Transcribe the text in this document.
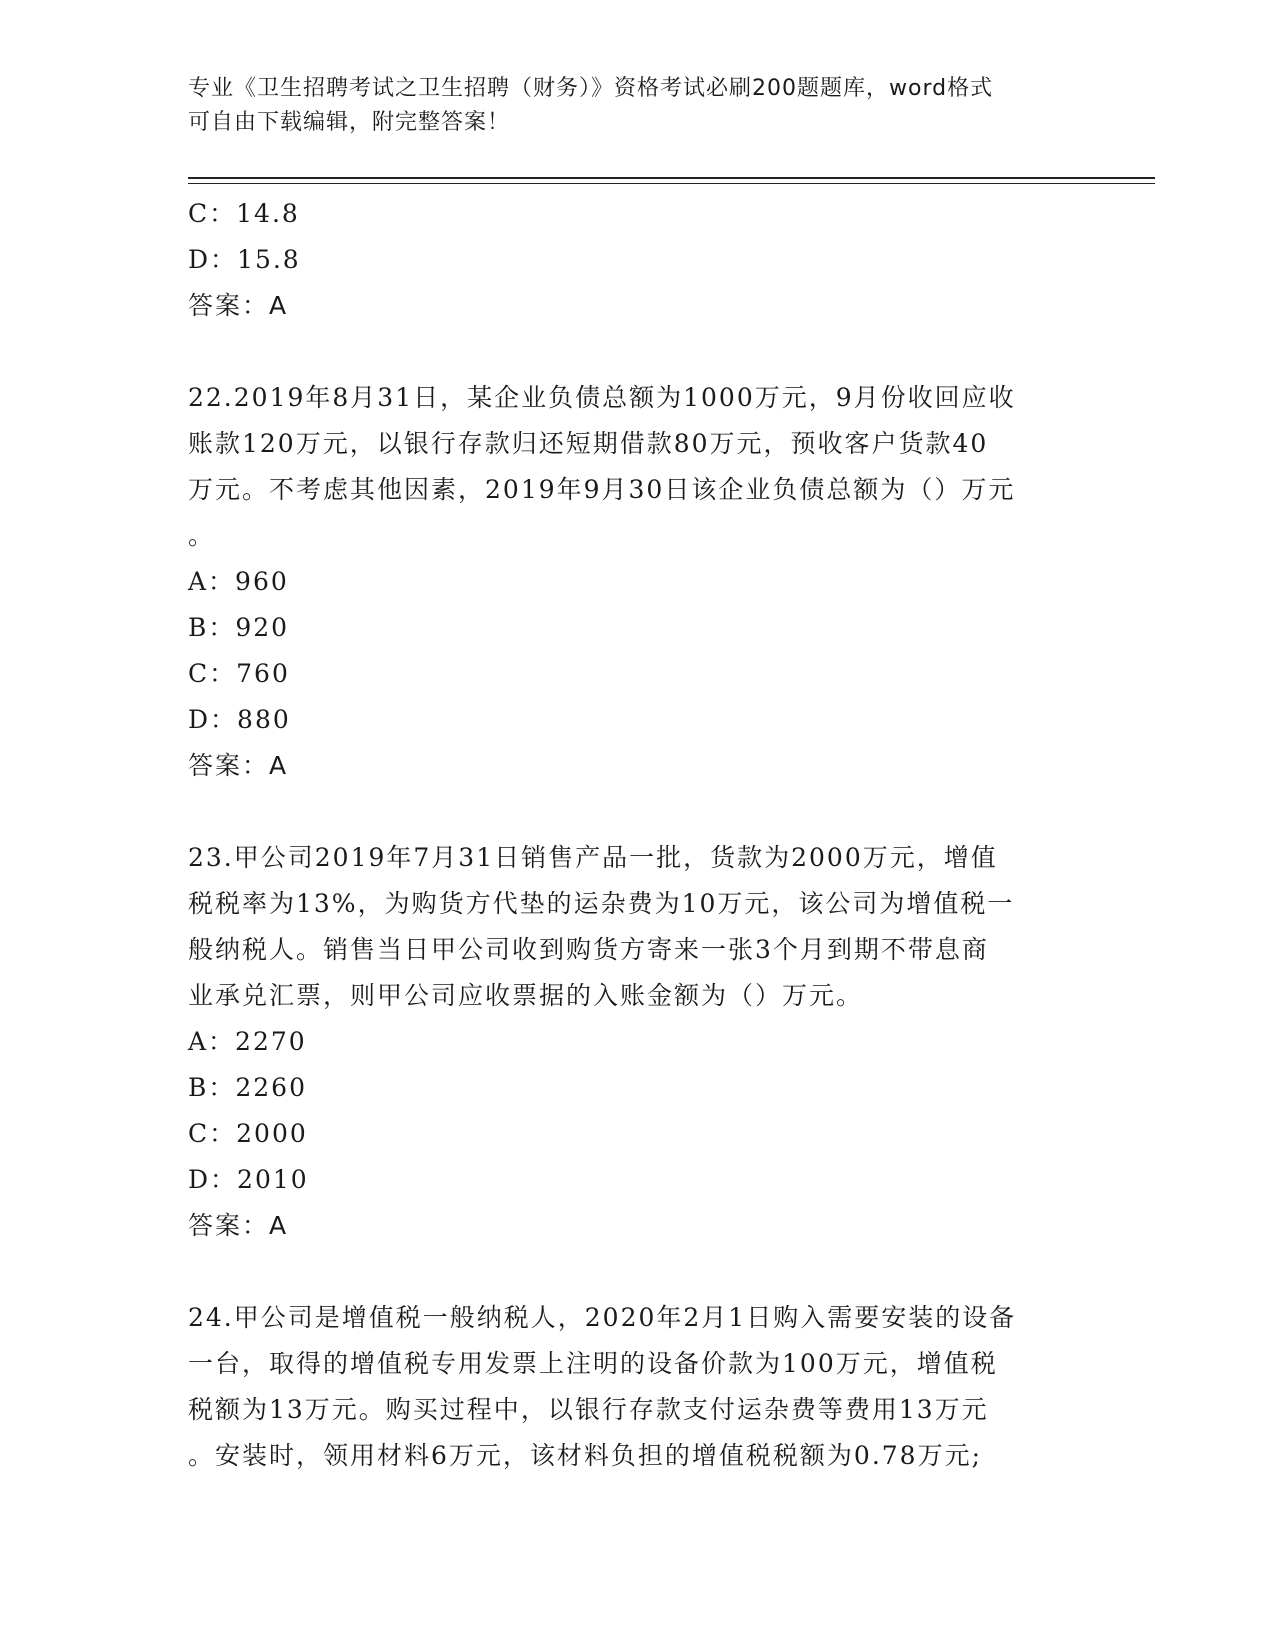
专业《卫生招聘考试之卫生招聘（财务）》资格考试必刷200题题库，word格式
可自由下载编辑，附完整答案！

C：14.8

D：15.8

答案：A

22.2019年8月31日，某企业负债总额为1000万元，9月份收回应收

账款120万元，以银行存款归还短期借款80万元，预收客户货款40

万元。不考虑其他因素，2019年9月30日该企业负债总额为（）万元

。

A：960

B：920

C：760

D：880

答案：A

23.甲公司2019年7月31日销售产品一批，货款为2000万元，增值

税税率为13%，为购货方代垫的运杂费为10万元，该公司为增值税一

般纳税人。销售当日甲公司收到购货方寄来一张3个月到期不带息商

业承兑汇票，则甲公司应收票据的入账金额为（）万元。

A：2270

B：2260

C：2000

D：2010

答案：A

24.甲公司是增值税一般纳税人，2020年2月1日购入需要安装的设备

一台，取得的增值税专用发票上注明的设备价款为100万元，增值税

税额为13万元。购买过程中，以银行存款支付运杂费等费用13万元

。安装时，领用材料6万元，该材料负担的增值税税额为0.78万元;
